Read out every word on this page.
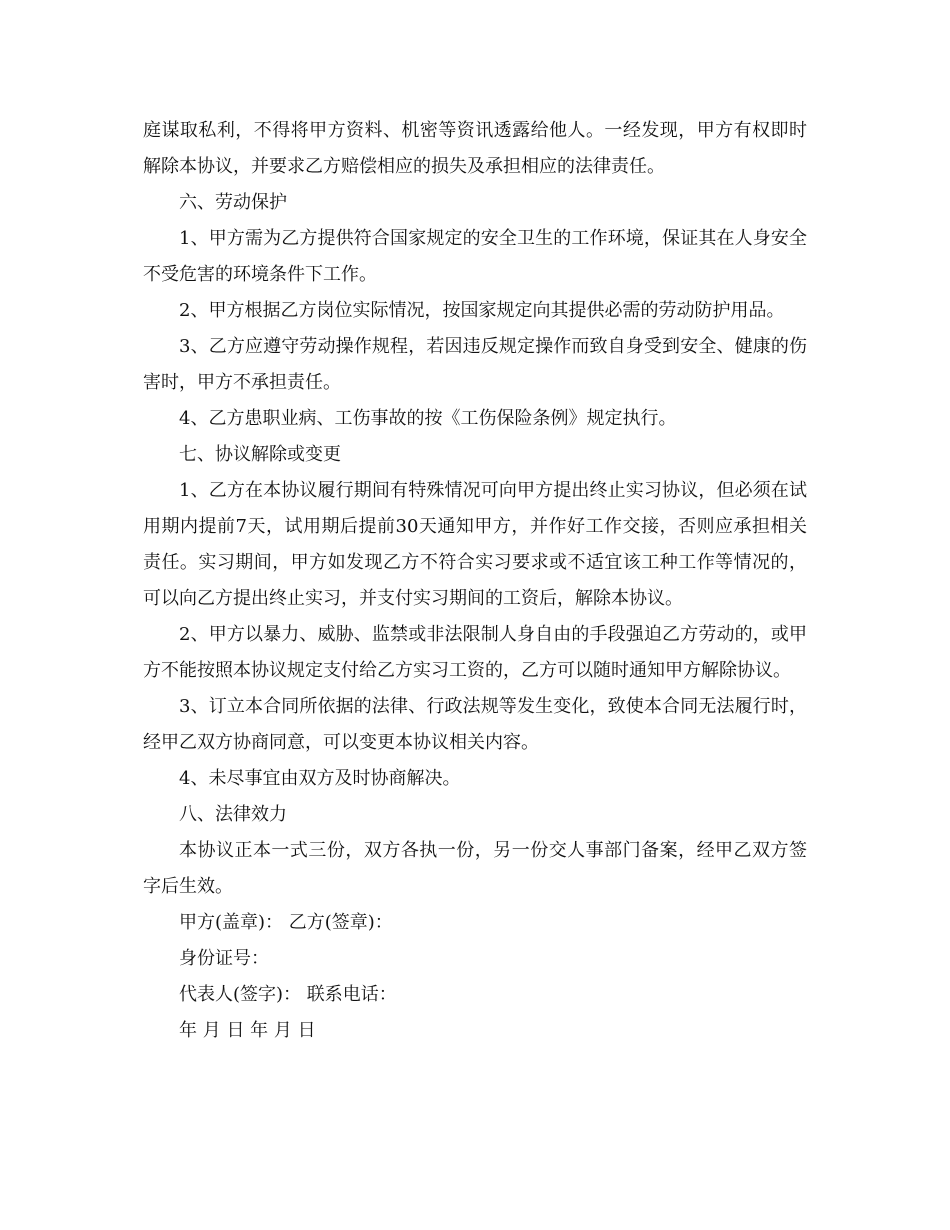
庭谋取私利，不得将甲方资料、机密等资讯透露给他人。一经发现，甲方有权即时解除本协议，并要求乙方赔偿相应的损失及承担相应的法律责任。

六、劳动保护

1、甲方需为乙方提供符合国家规定的安全卫生的工作环境，保证其在人身安全不受危害的环境条件下工作。

2、甲方根据乙方岗位实际情况，按国家规定向其提供必需的劳动防护用品。

3、乙方应遵守劳动操作规程，若因违反规定操作而致自身受到安全、健康的伤害时，甲方不承担责任。

4、乙方患职业病、工伤事故的按《工伤保险条例》规定执行。

七、协议解除或变更

1、乙方在本协议履行期间有特殊情况可向甲方提出终止实习协议，但必须在试用期内提前7天，试用期后提前30天通知甲方，并作好工作交接，否则应承担相关责任。实习期间，甲方如发现乙方不符合实习要求或不适宜该工种工作等情况的，可以向乙方提出终止实习，并支付实习期间的工资后，解除本协议。

2、甲方以暴力、威胁、监禁或非法限制人身自由的手段强迫乙方劳动的，或甲方不能按照本协议规定支付给乙方实习工资的，乙方可以随时通知甲方解除协议。

3、订立本合同所依据的法律、行政法规等发生变化，致使本合同无法履行时，经甲乙双方协商同意，可以变更本协议相关内容。

4、未尽事宜由双方及时协商解决。

八、法律效力

本协议正本一式三份，双方各执一份，另一份交人事部门备案，经甲乙双方签字后生效。

甲方(盖章)： 乙方(签章)：

身份证号：

代表人(签字)： 联系电话：

年 月 日 年 月 日
